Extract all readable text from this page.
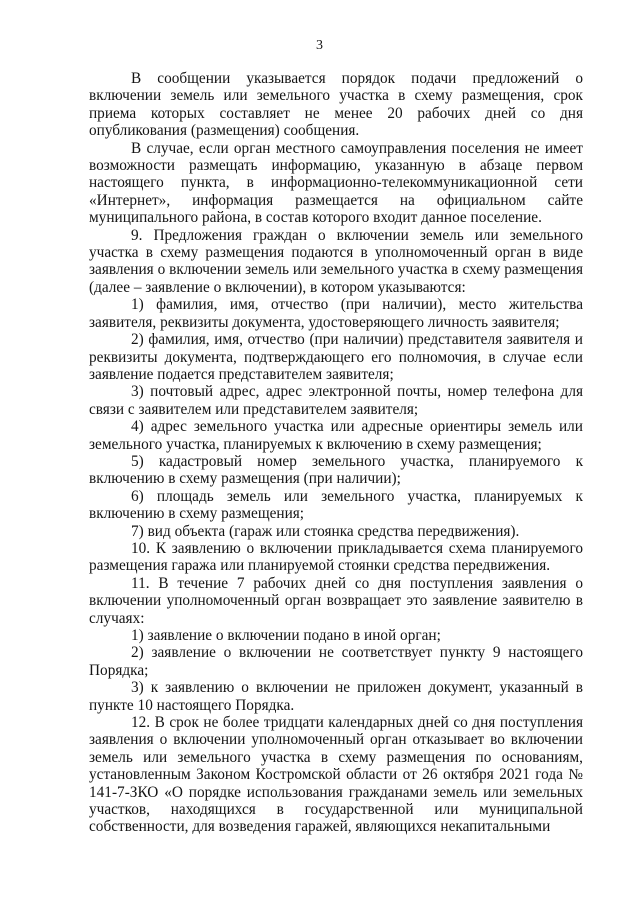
3

В сообщении указывается порядок подачи предложений о включении земель или земельного участка в схему размещения, срок приема которых составляет не менее 20 рабочих дней со дня опубликования (размещения) сообщения.

В случае, если орган местного самоуправления поселения не имеет возможности размещать информацию, указанную в абзаце первом настоящего пункта, в информационно-телекоммуникационной сети «Интернет», информация размещается на официальном сайте муниципального района, в состав которого входит данное поселение.

9. Предложения граждан о включении земель или земельного участка в схему размещения подаются в уполномоченный орган в виде заявления о включении земель или земельного участка в схему размещения (далее – заявление о включении), в котором указываются:

1) фамилия, имя, отчество (при наличии), место жительства заявителя, реквизиты документа, удостоверяющего личность заявителя;

2) фамилия, имя, отчество (при наличии) представителя заявителя и реквизиты документа, подтверждающего его полномочия, в случае если заявление подается представителем заявителя;

3) почтовый адрес, адрес электронной почты, номер телефона для связи с заявителем или представителем заявителя;

4) адрес земельного участка или адресные ориентиры земель или земельного участка, планируемых к включению в схему размещения;

5) кадастровый номер земельного участка, планируемого к включению в схему размещения (при наличии);

6) площадь земель или земельного участка, планируемых к включению в схему размещения;

7) вид объекта (гараж или стоянка средства передвижения).

10. К заявлению о включении прикладывается схема планируемого размещения гаража или планируемой стоянки средства передвижения.

11. В течение 7 рабочих дней со дня поступления заявления о включении уполномоченный орган возвращает это заявление заявителю в случаях:

1) заявление о включении подано в иной орган;

2) заявление о включении не соответствует пункту 9 настоящего Порядка;

3) к заявлению о включении не приложен документ, указанный в пункте 10 настоящего Порядка.

12. В срок не более тридцати календарных дней со дня поступления заявления о включении уполномоченный орган отказывает во включении земель или земельного участка в схему размещения по основаниям, установленным Законом Костромской области от 26 октября 2021 года № 141-7-ЗКО «О порядке использования гражданами земель или земельных участков, находящихся в государственной или муниципальной собственности, для возведения гаражей, являющихся некапитальными
